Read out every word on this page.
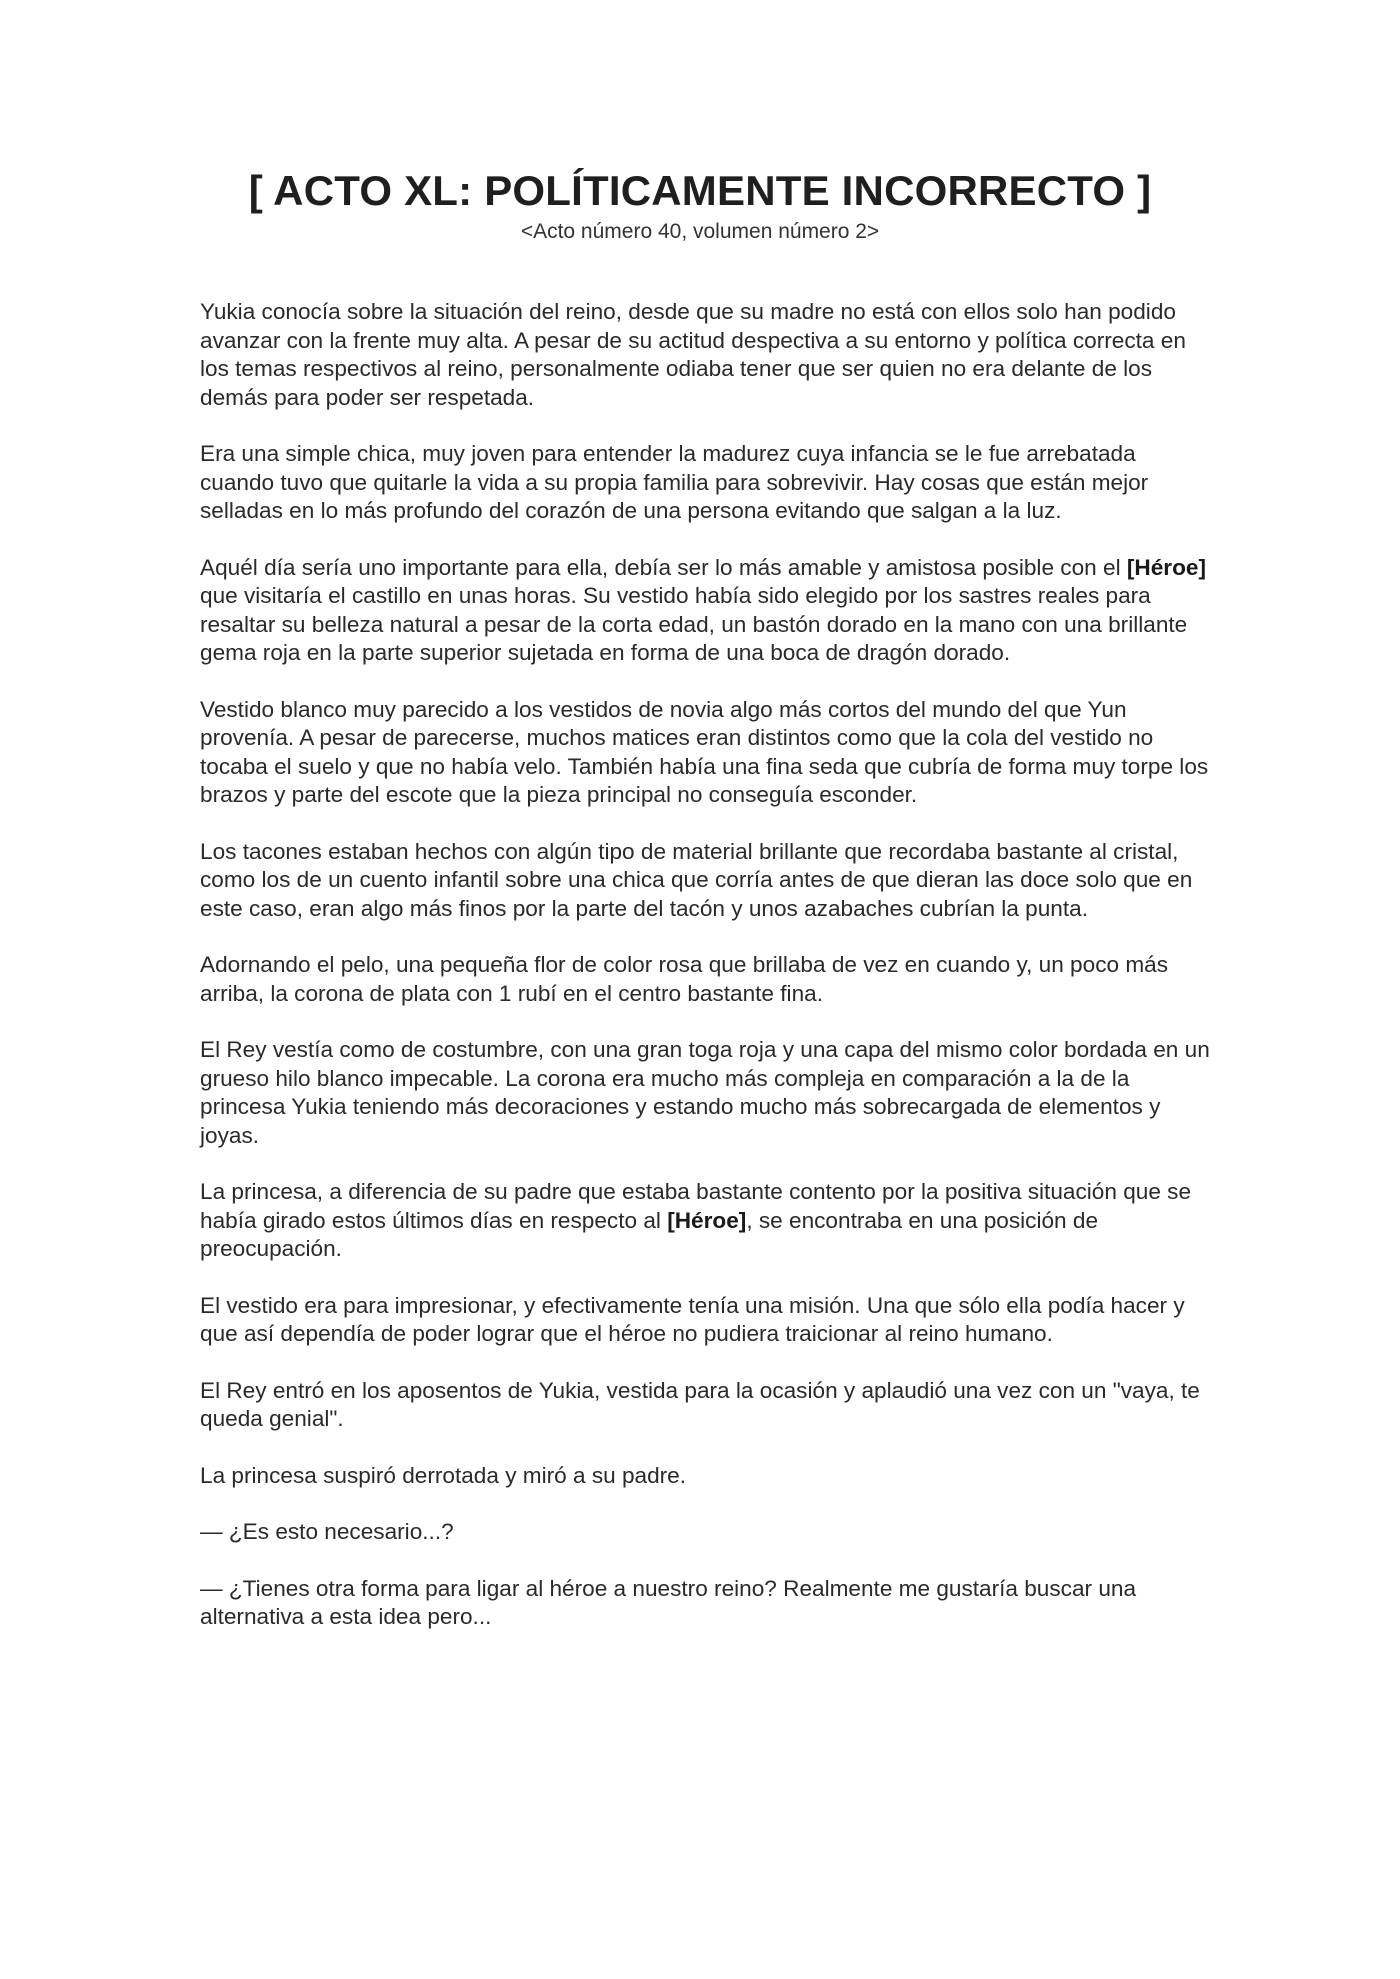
[ ACTO XL: POLÍTICAMENTE INCORRECTO ]
<Acto número 40, volumen número 2>

Yukia conocía sobre la situación del reino, desde que su madre no está con ellos solo han podido avanzar con la frente muy alta. A pesar de su actitud despectiva a su entorno y política correcta en los temas respectivos al reino, personalmente odiaba tener que ser quien no era delante de los demás para poder ser respetada.

Era una simple chica, muy joven para entender la madurez cuya infancia se le fue arrebatada cuando tuvo que quitarle la vida a su propia familia para sobrevivir. Hay cosas que están mejor selladas en lo más profundo del corazón de una persona evitando que salgan a la luz.

Aquél día sería uno importante para ella, debía ser lo más amable y amistosa posible con el [Héroe] que visitaría el castillo en unas horas. Su vestido había sido elegido por los sastres reales para resaltar su belleza natural a pesar de la corta edad, un bastón dorado en la mano con una brillante gema roja en la parte superior sujetada en forma de una boca de dragón dorado.

Vestido blanco muy parecido a los vestidos de novia algo más cortos del mundo del que Yun provenía. A pesar de parecerse, muchos matices eran distintos como que la cola del vestido no tocaba el suelo y que no había velo. También había una fina seda que cubría de forma muy torpe los brazos y parte del escote que la pieza principal no conseguía esconder.

Los tacones estaban hechos con algún tipo de material brillante que recordaba bastante al cristal, como los de un cuento infantil sobre una chica que corría antes de que dieran las doce solo que en este caso, eran algo más finos por la parte del tacón y unos azabaches cubrían la punta.

Adornando el pelo, una pequeña flor de color rosa que brillaba de vez en cuando y, un poco más arriba, la corona de plata con 1 rubí en el centro bastante fina.

El Rey vestía como de costumbre, con una gran toga roja y una capa del mismo color bordada en un grueso hilo blanco impecable. La corona era mucho más compleja en comparación a la de la princesa Yukia teniendo más decoraciones y estando mucho más sobrecargada de elementos y joyas.

La princesa, a diferencia de su padre que estaba bastante contento por la positiva situación que se había girado estos últimos días en respecto al [Héroe], se encontraba en una posición de preocupación.

El vestido era para impresionar, y efectivamente tenía una misión. Una que sólo ella podía hacer y que así dependía de poder lograr que el héroe no pudiera traicionar al reino humano.

El Rey entró en los aposentos de Yukia, vestida para la ocasión y aplaudió una vez con un "vaya, te queda genial".

La princesa suspiró derrotada y miró a su padre.

— ¿Es esto necesario...?

— ¿Tienes otra forma para ligar al héroe a nuestro reino? Realmente me gustaría buscar una alternativa a esta idea pero...
